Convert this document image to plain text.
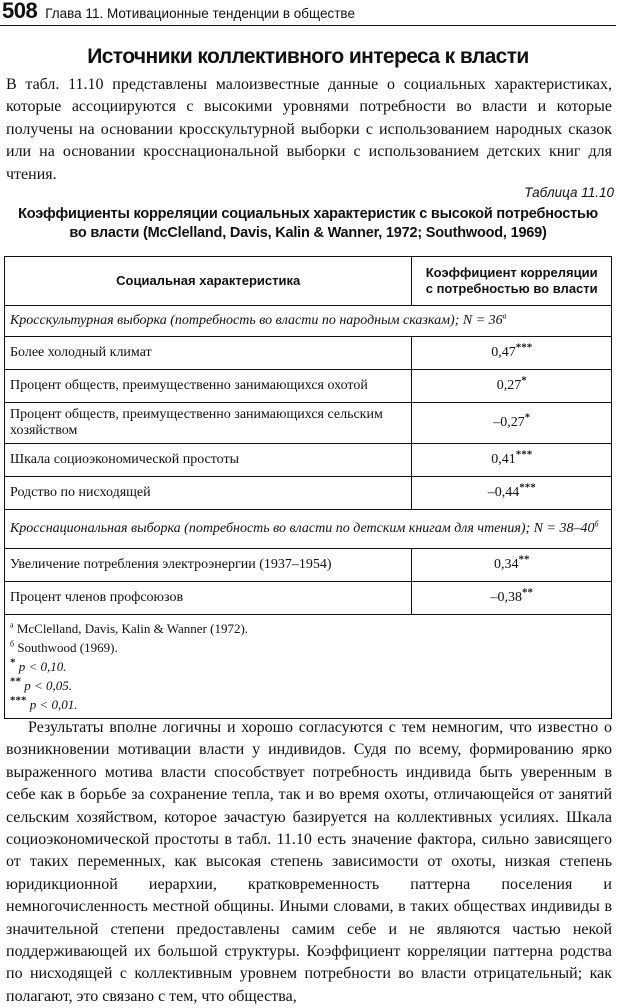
508 Глава 11. Мотивационные тенденции в обществе
Источники коллективного интереса к власти

В табл. 11.10 представлены малоизвестные данные о социальных характеристиках, которые ассоциируются с высокими уровнями потребности во власти и которые получены на основании кросскультурной выборки с использованием народных сказок или на основании кросснациональной выборки с использованием детских книг для чтения.

Таблица 11.10
Коэффициенты корреляции социальных характеристик с высокой потребностью
во власти (McClelland, Davis, Kalin & Wanner, 1972; Southwood, 1969)
Социальная характеристика	Коэффициент корреляции
с потребностью во власти
Кросскультурная выборка (потребность во власти по народным сказкам); N = 36$^a$
Более холодный климат	0,47***
Процент обществ, преимущественно занимающихся охотой	0,27*
Процент обществ, преимущественно занимающихся сельским хозяйством	–0,27*
Шкала социоэкономической простоты	0,41***
Родство по нисходящей	–0,44***
Кросснациональная выборка (потребность во власти по детским книгам для чтения); N = 38–40$^б$
Увеличение потребления электроэнергии (1937–1954)	0,34**
Процент членов профсоюзов	–0,38**

$^a$ McClelland, Davis, Kalin & Wanner (1972).
$^б$ Southwood (1969).
* p < 0,10.
** p < 0,05.
*** p < 0,01.	

Результаты вполне логичны и хорошо согласуются с тем немногим, что известно о возникновении мотивации власти у индивидов. Судя по всему, формированию ярко выраженного мотива власти способствует потребность индивида быть уверенным в себе как в борьбе за сохранение тепла, так и во время охоты, отличающейся от занятий сельским хозяйством, которое зачастую базируется на коллективных усилиях. Шкала социоэкономической простоты в табл. 11.10 есть значение фактора, сильно зависящего от таких переменных, как высокая степень зависимости от охоты, низкая степень юридикционной иерархии, кратковременность паттерна поселения и немногочисленность местной общины. Иными словами, в таких обществах индивиды в значительной степени предоставлены самим себе и не являются частью некой поддерживающей их большой структуры. Коэффициент корреляции паттерна родства по нисходящей с коллективным уровнем потребности во власти отрицательный; как полагают, это связано с тем, что общества,
